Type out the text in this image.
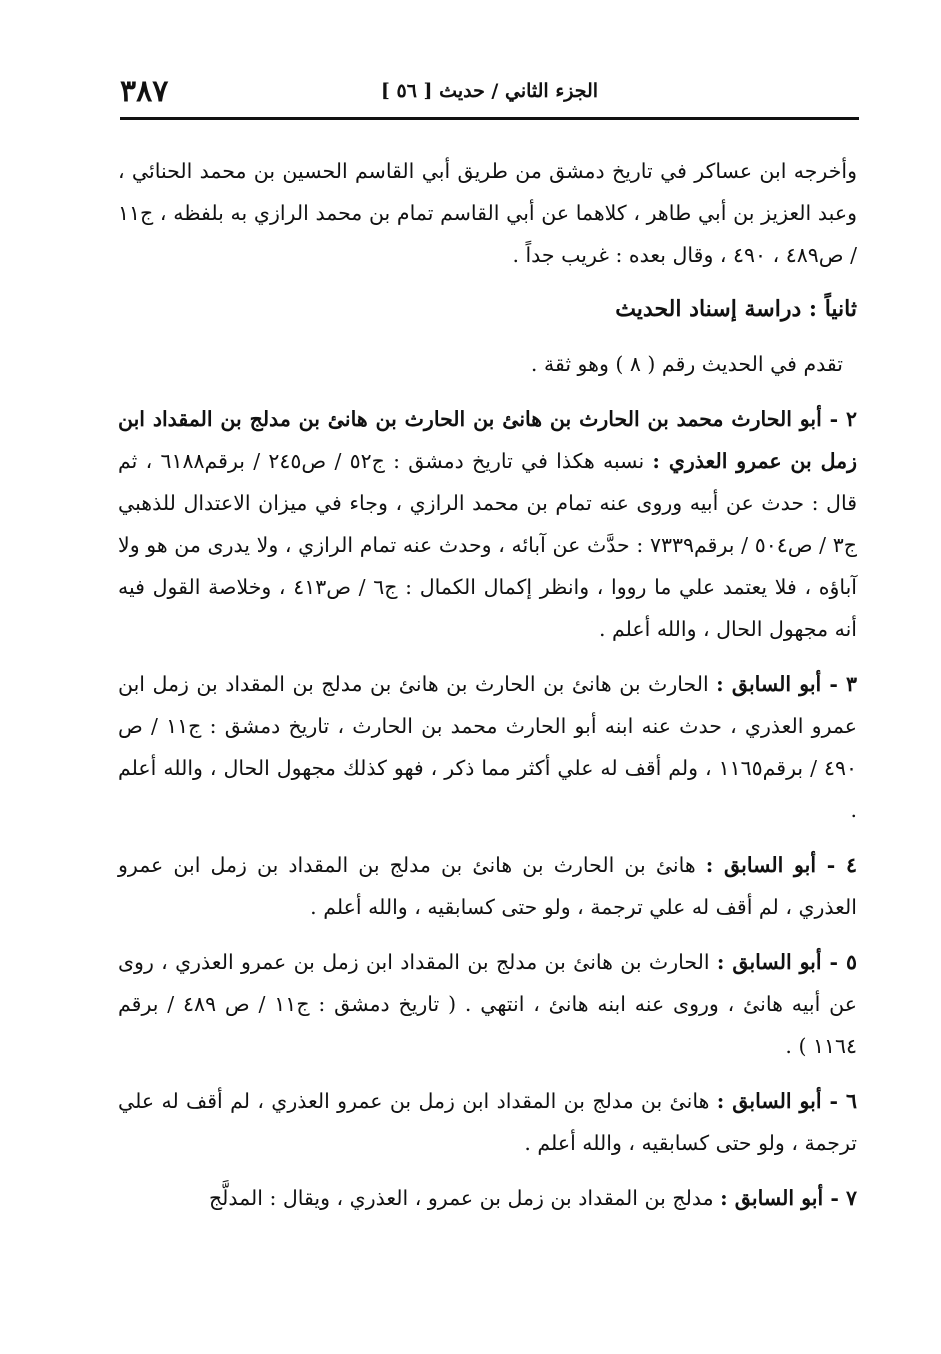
٣٨٧	الجزء الثاني / حديث [ ٥٦ ]

وأخرجه ابن عساكر في تاريخ دمشق من طريق أبي القاسم الحسين بن محمد الحنائي ، وعبد العزيز بن أبي طاهر ، كلاهما عن أبي القاسم تمام بن محمد الرازي به بلفظه ، ج١١ / ص٤٨٩ ، ٤٩٠ ، وقال بعده : غريب جداً .

ثانياً : دراسة إسناد الحديث

تقدم في الحديث رقم ( ٨ ) وهو ثقة .

٢ - أبو الحارث محمد بن الحارث بن هانئ بن الحارث بن هانئ بن مدلج بن المقداد ابن زمل بن عمرو العذري : نسبه هكذا في تاريخ دمشق : ج٥٢ / ص٢٤٥ / برقم٦١٨٨ ، ثم قال : حدث عن أبيه وروى عنه تمام بن محمد الرازي ، وجاء في ميزان الاعتدال للذهبي ج٣ / ص٥٠٤ / برقم٧٣٣٩ : حدَّث عن آبائه ، وحدث عنه تمام الرازي ، ولا يدرى من هو ولا آباؤه ، فلا يعتمد علي ما رووا ، وانظر إكمال الكمال : ج٦ / ص٤١٣ ، وخلاصة القول فيه أنه مجهول الحال ، والله أعلم .

٣ - أبو السابق : الحارث بن هانئ بن الحارث بن هانئ بن مدلج بن المقداد بن زمل ابن عمرو العذري ، حدث عنه ابنه أبو الحارث محمد بن الحارث ، تاريخ دمشق : ج١١ / ص ٤٩٠ / برقم١١٦٥ ، ولم أقف له علي أكثر مما ذكر ، فهو كذلك مجهول الحال ، والله أعلم .

٤ - أبو السابق : هانئ بن الحارث بن هانئ بن مدلج بن المقداد بن زمل ابن عمرو العذري ، لم أقف له علي ترجمة ، ولو حتى كسابقيه ، والله أعلم .

٥ - أبو السابق : الحارث بن هانئ بن مدلج بن المقداد ابن زمل بن عمرو العذري ، روى عن أبيه هانئ ، وروى عنه ابنه هانئ ، انتهي . ( تاريخ دمشق : ج١١ / ص ٤٨٩ / برقم ١١٦٤ ) .

٦ - أبو السابق : هانئ بن مدلج بن المقداد ابن زمل بن عمرو العذري ، لم أقف له علي ترجمة ، ولو حتى كسابقيه ، والله أعلم .

٧ - أبو السابق : مدلج بن المقداد بن زمل بن عمرو ، العذري ، ويقال : المدلَّج
